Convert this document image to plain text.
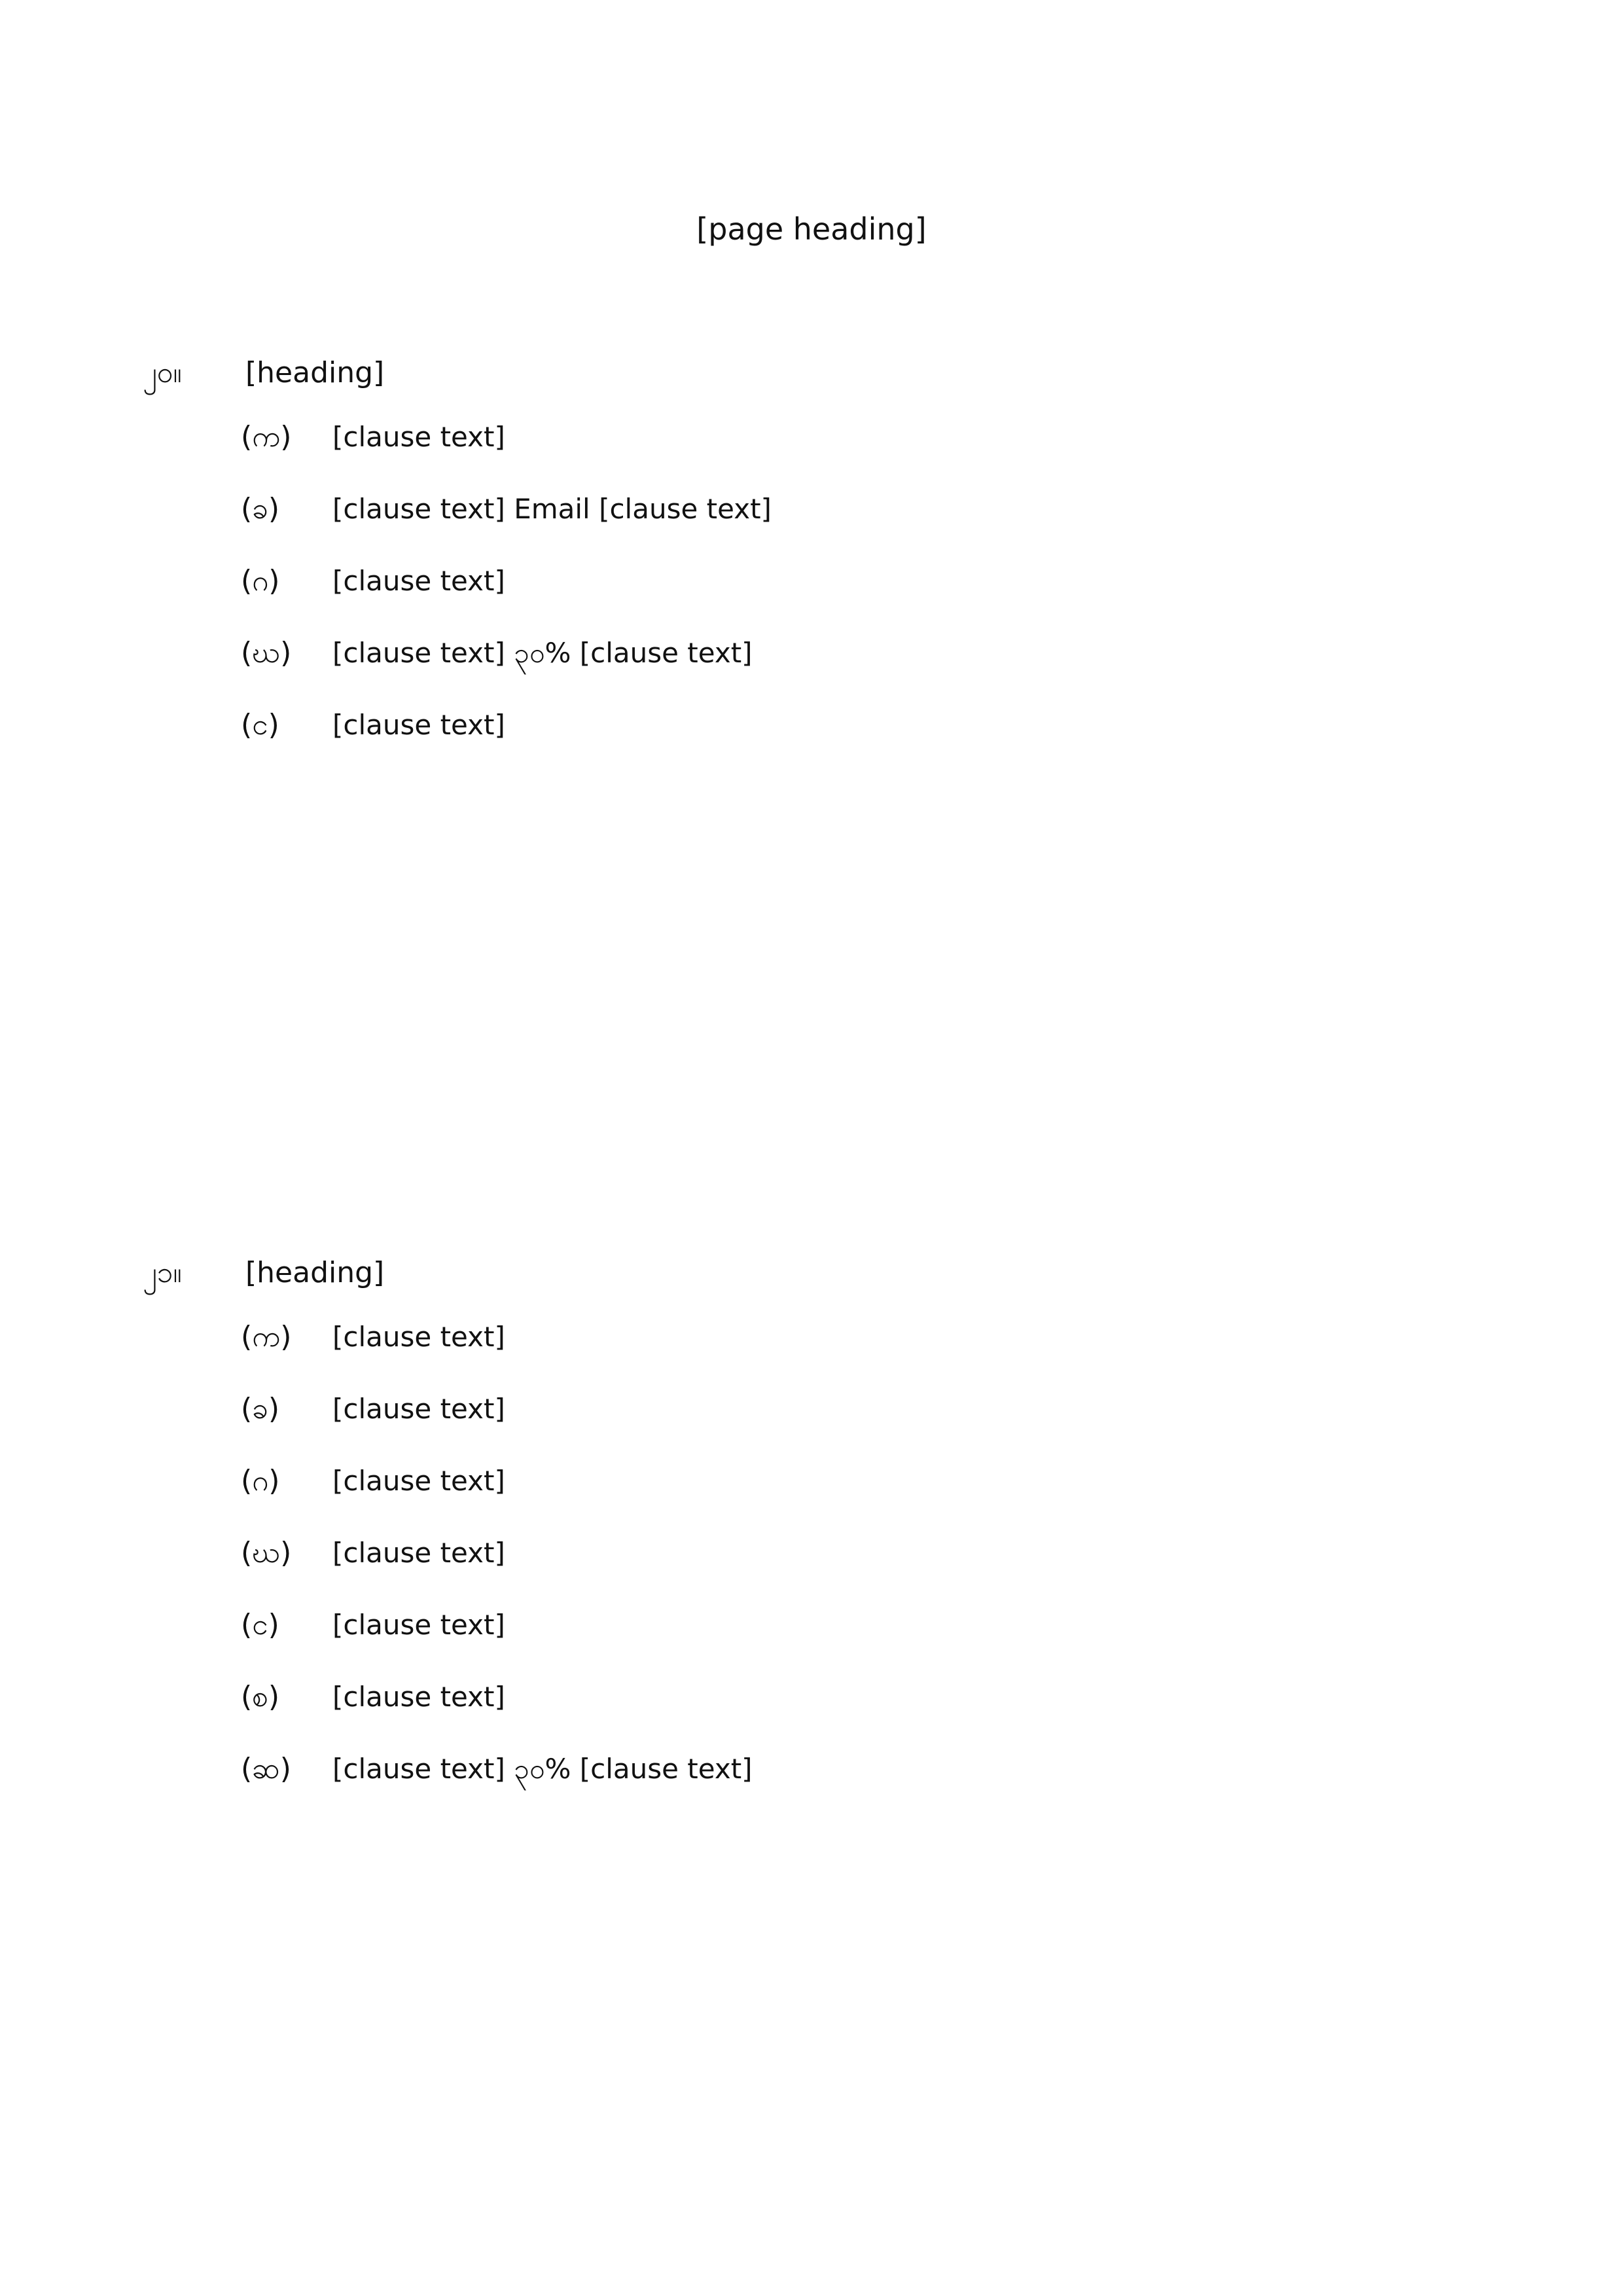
[page heading]
၂၀။ [heading]
(က) [clause text]
(ခ) [clause text] Email [clause text]
(ဂ) [clause text]
(ဃ) [clause text] ၃၀% [clause text]
(င) [clause text]
၂၁။ [heading]
(က) [clause text]
(ခ) [clause text]
(ဂ) [clause text]
(ဃ) [clause text]
(င) [clause text]
(စ) [clause text]
(ဆ) [clause text] ၃၀% [clause text]
